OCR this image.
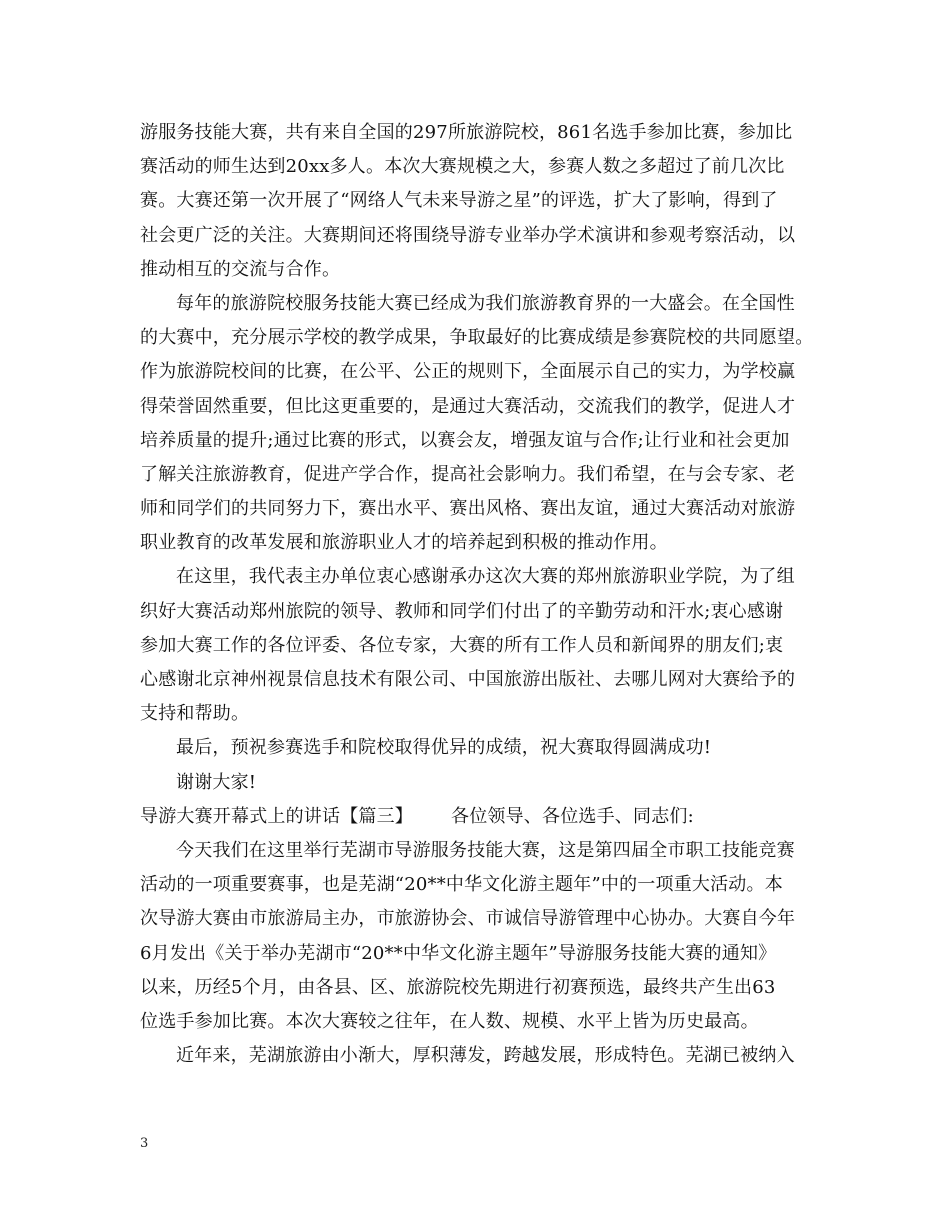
游服务技能大赛，共有来自全国的297所旅游院校，861名选手参加比赛，参加比
赛活动的师生达到20xx多人。本次大赛规模之大，参赛人数之多超过了前几次比
赛。大赛还第一次开展了“网络人气未来导游之星”的评选，扩大了影响，得到了
社会更广泛的关注。大赛期间还将围绕导游专业举办学术演讲和参观考察活动，以
推动相互的交流与合作。
每年的旅游院校服务技能大赛已经成为我们旅游教育界的一大盛会。在全国性
的大赛中，充分展示学校的教学成果，争取最好的比赛成绩是参赛院校的共同愿望。
作为旅游院校间的比赛，在公平、公正的规则下，全面展示自己的实力，为学校赢
得荣誉固然重要，但比这更重要的，是通过大赛活动，交流我们的教学，促进人才
培养质量的提升;通过比赛的形式，以赛会友，增强友谊与合作;让行业和社会更加
了解关注旅游教育，促进产学合作，提高社会影响力。我们希望，在与会专家、老
师和同学们的共同努力下，赛出水平、赛出风格、赛出友谊，通过大赛活动对旅游
职业教育的改革发展和旅游职业人才的培养起到积极的推动作用。
在这里，我代表主办单位衷心感谢承办这次大赛的郑州旅游职业学院，为了组
织好大赛活动郑州旅院的领导、教师和同学们付出了的辛勤劳动和汗水;衷心感谢
参加大赛工作的各位评委、各位专家，大赛的所有工作人员和新闻界的朋友们;衷
心感谢北京神州视景信息技术有限公司、中国旅游出版社、去哪儿网对大赛给予的
支持和帮助。
最后，预祝参赛选手和院校取得优异的成绩，祝大赛取得圆满成功!
谢谢大家!
导游大赛开幕式上的讲话【篇三】 各位领导、各位选手、同志们:
今天我们在这里举行芜湖市导游服务技能大赛，这是第四届全市职工技能竞赛
活动的一项重要赛事，也是芜湖“20**中华文化游主题年”中的一项重大活动。本
次导游大赛由市旅游局主办，市旅游协会、市诚信导游管理中心协办。大赛自今年
6月发出《关于举办芜湖市“20**中华文化游主题年”导游服务技能大赛的通知》
以来，历经5个月，由各县、区、旅游院校先期进行初赛预选，最终共产生出63
位选手参加比赛。本次大赛较之往年，在人数、规模、水平上皆为历史最高。
近年来，芜湖旅游由小渐大，厚积薄发，跨越发展，形成特色。芜湖已被纳入
3
